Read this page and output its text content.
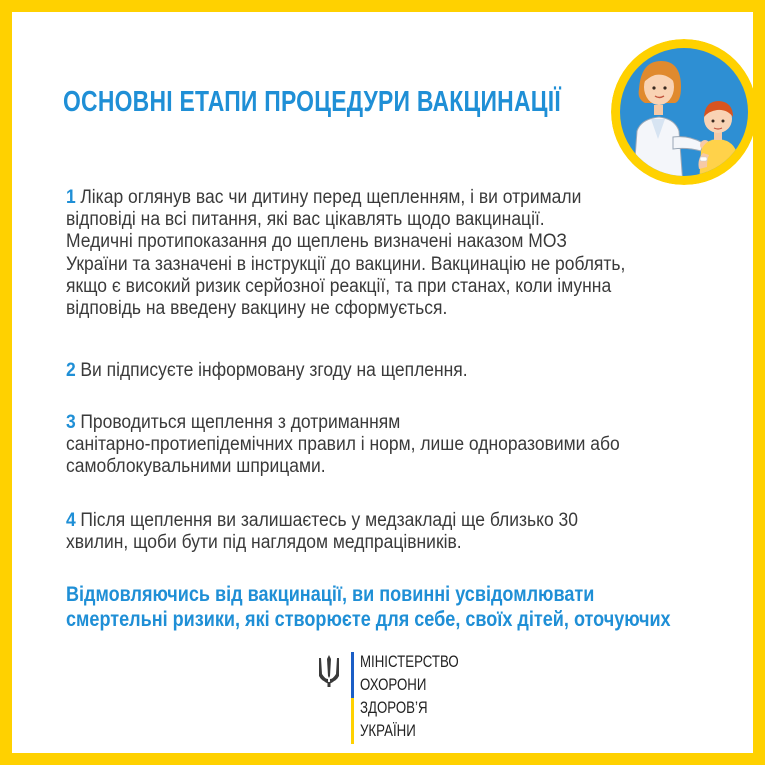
ОСНОВНІ ЕТАПИ ПРОЦЕДУРИ ВАКЦИНАЦІЇ

1 Лікар оглянув вас чи дитину перед щепленням, і ви отримали
відповіді на всі питання, які вас цікавлять щодо вакцинації.
Медичні протипоказання до щеплень визначені наказом МОЗ
України та зазначені в інструкції до вакцини. Вакцинацію не роблять,
якщо є високий ризик серйозної реакції, та при станах, коли імунна
відповідь на введену вакцину не сформується.

2 Ви підписуєте інформовану згоду на щеплення.

3 Проводиться щеплення з дотриманням
санітарно-протиепідемічних правил і норм, лише одноразовими або
самоблокувальними шприцами.

4 Після щеплення ви залишаєтесь у медзакладі ще близько 30
хвилин, щоби бути під наглядом медпрацівників.

Відмовляючись від вакцинації, ви повинні усвідомлювати
смертельні ризики, які створюєте для себе, своїх дітей, оточуючих

МІНІСТЕРСТВО
ОХОРОНИ
ЗДОРОВ’Я
УКРАЇНИ
